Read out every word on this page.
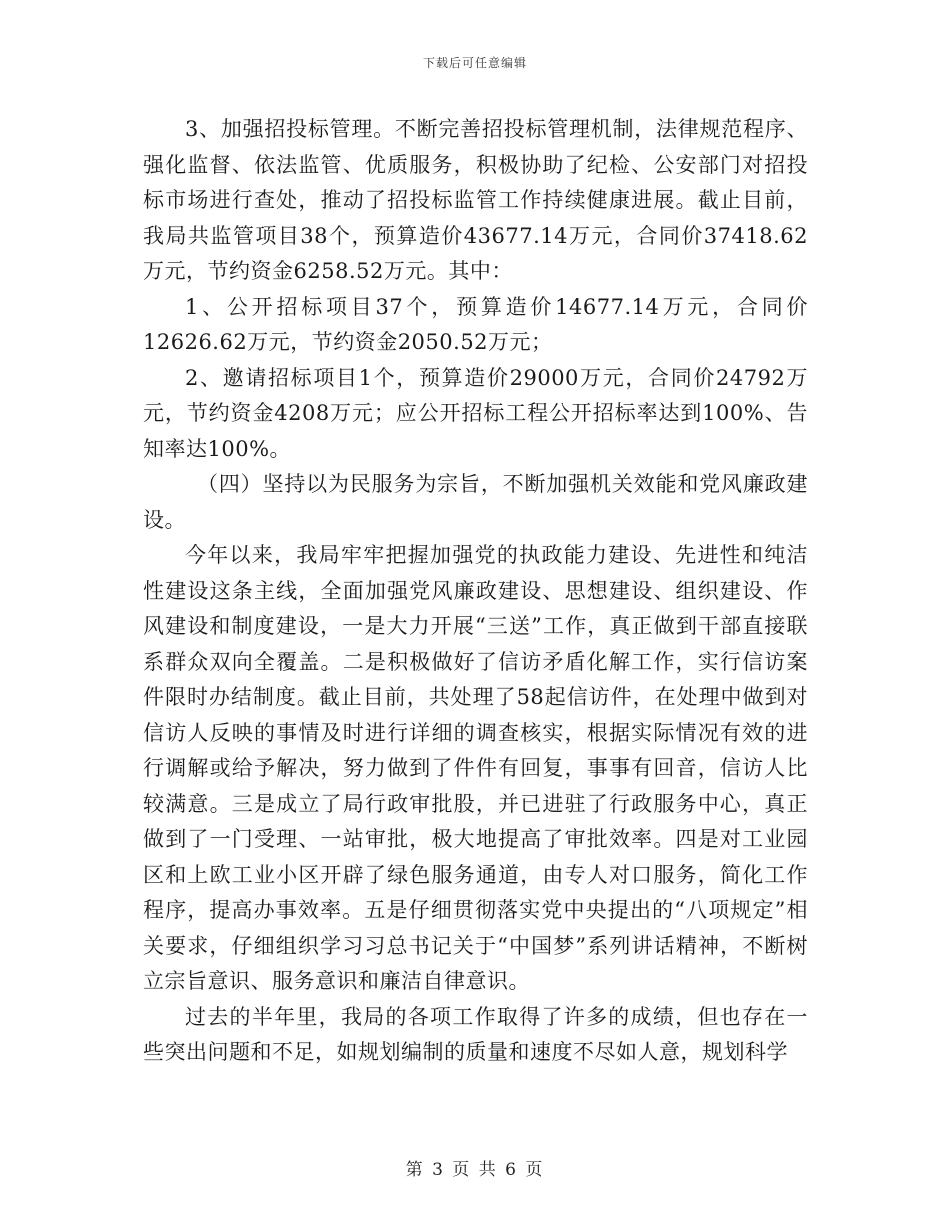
下载后可任意编辑

3、加强招投标管理。不断完善招投标管理机制，法律规范程序、强化监督、依法监管、优质服务，积极协助了纪检、公安部门对招投标市场进行查处，推动了招投标监管工作持续健康进展。截止目前，我局共监管项目38个，预算造价43677.14万元，合同价37418.62万元，节约资金6258.52万元。其中：

1、公开招标项目37个，预算造价14677.14万元，合同价12626.62万元，节约资金2050.52万元；

2、邀请招标项目1个，预算造价29000万元，合同价24792万元，节约资金4208万元；应公开招标工程公开招标率达到100%、告知率达100%。

（四）坚持以为民服务为宗旨，不断加强机关效能和党风廉政建设。

今年以来，我局牢牢把握加强党的执政能力建设、先进性和纯洁性建设这条主线，全面加强党风廉政建设、思想建设、组织建设、作风建设和制度建设，一是大力开展“三送”工作，真正做到干部直接联系群众双向全覆盖。二是积极做好了信访矛盾化解工作，实行信访案件限时办结制度。截止目前，共处理了58起信访件，在处理中做到对信访人反映的事情及时进行详细的调查核实，根据实际情况有效的进行调解或给予解决，努力做到了件件有回复，事事有回音，信访人比较满意。三是成立了局行政审批股，并已进驻了行政服务中心，真正做到了一门受理、一站审批，极大地提高了审批效率。四是对工业园区和上欧工业小区开辟了绿色服务通道，由专人对口服务，简化工作程序，提高办事效率。五是仔细贯彻落实党中央提出的“八项规定”相关要求，仔细组织学习习总书记关于“中国梦”系列讲话精神，不断树立宗旨意识、服务意识和廉洁自律意识。

过去的半年里，我局的各项工作取得了许多的成绩，但也存在一些突出问题和不足，如规划编制的质量和速度不尽如人意，规划科学

第 3 页 共 6 页
